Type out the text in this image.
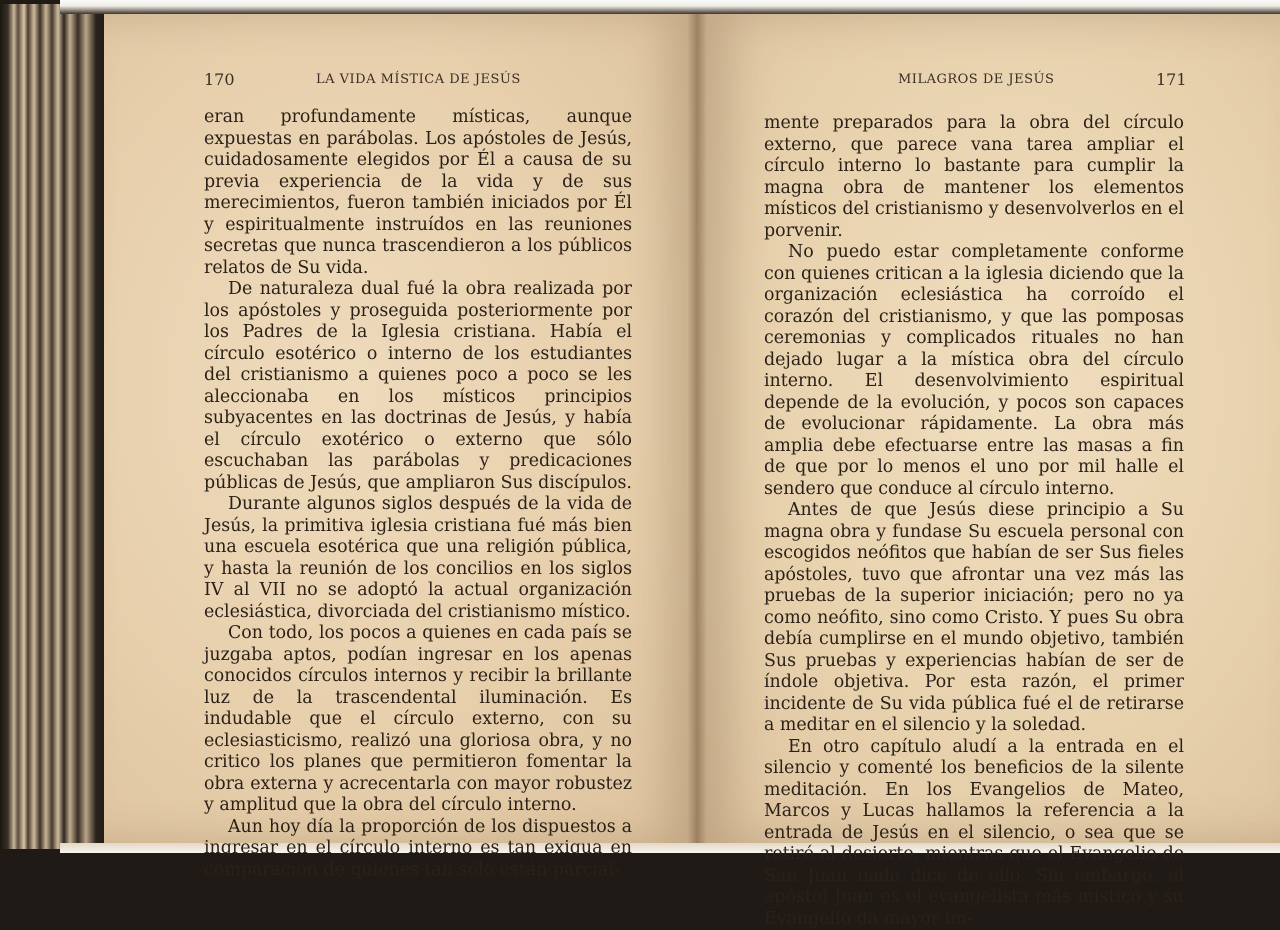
170	LA VIDA MÍSTICA DE JESÚS

eran profundamente místicas, aunque expuestas en parábolas. Los apóstoles de Jesús, cuidadosamente elegidos por Él a causa de su previa experiencia de la vida y de sus merecimientos, fueron también iniciados por Él y espiritualmente instruídos en las reuniones secretas que nunca trascendieron a los públicos relatos de Su vida.

De naturaleza dual fué la obra realizada por los apóstoles y proseguida posteriormente por los Padres de la Iglesia cristiana. Había el círculo esotérico o interno de los estudiantes del cristianismo a quienes poco a poco se les aleccionaba en los místicos principios subyacentes en las doctrinas de Jesús, y había el círculo exotérico o externo que sólo escuchaban las parábolas y predicaciones públicas de Jesús, que ampliaron Sus discípulos.

Durante algunos siglos después de la vida de Jesús, la primitiva iglesia cristiana fué más bien una escuela esotérica que una religión pública, y hasta la reunión de los concilios en los siglos IV al VII no se adoptó la actual organización eclesiástica, divorciada del cristianismo místico.

Con todo, los pocos a quienes en cada país se juzgaba aptos, podían ingresar en los apenas conocidos círculos internos y recibir la brillante luz de la trascendental iluminación. Es indudable que el círculo externo, con su eclesiasticismo, realizó una gloriosa obra, y no critico los planes que permitieron fomentar la obra externa y acrecentarla con mayor robustez y amplitud que la obra del círculo interno.

Aun hoy día la proporción de los dispuestos a ingresar en el círculo interno es tan exigua en comparación de quienes tan sólo están parcial-

MILAGROS DE JESÚS	171

mente preparados para la obra del círculo externo, que parece vana tarea ampliar el círculo interno lo bastante para cumplir la magna obra de mantener los elementos místicos del cristianismo y desenvolverlos en el porvenir.

No puedo estar completamente conforme con quienes critican a la iglesia diciendo que la organización eclesiástica ha corroído el corazón del cristianismo, y que las pomposas ceremonias y complicados rituales no han dejado lugar a la mística obra del círculo interno. El desenvolvimiento espiritual depende de la evolución, y pocos son capaces de evolucionar rápidamente. La obra más amplia debe efectuarse entre las masas a fin de que por lo menos el uno por mil halle el sendero que conduce al círculo interno.

Antes de que Jesús diese principio a Su magna obra y fundase Su escuela personal con escogidos neófitos que habían de ser Sus fieles apóstoles, tuvo que afrontar una vez más las pruebas de la superior iniciación; pero no ya como neófito, sino como Cristo. Y pues Su obra debía cumplirse en el mundo objetivo, también Sus pruebas y experiencias habían de ser de índole objetiva. Por esta razón, el primer incidente de Su vida pública fué el de retirarse a meditar en el silencio y la soledad.

En otro capítulo aludí a la entrada en el silencio y comenté los beneficios de la silente meditación. En los Evangelios de Mateo, Marcos y Lucas hallamos la referencia a la entrada de Jesús en el silencio, o sea que se retiró al desierto, mientras que el Evangelio de San Juan nada dice de ello. Sin embargo, el apóstol Juan es el evangelista más místico y su Evangelio da mayor im-
